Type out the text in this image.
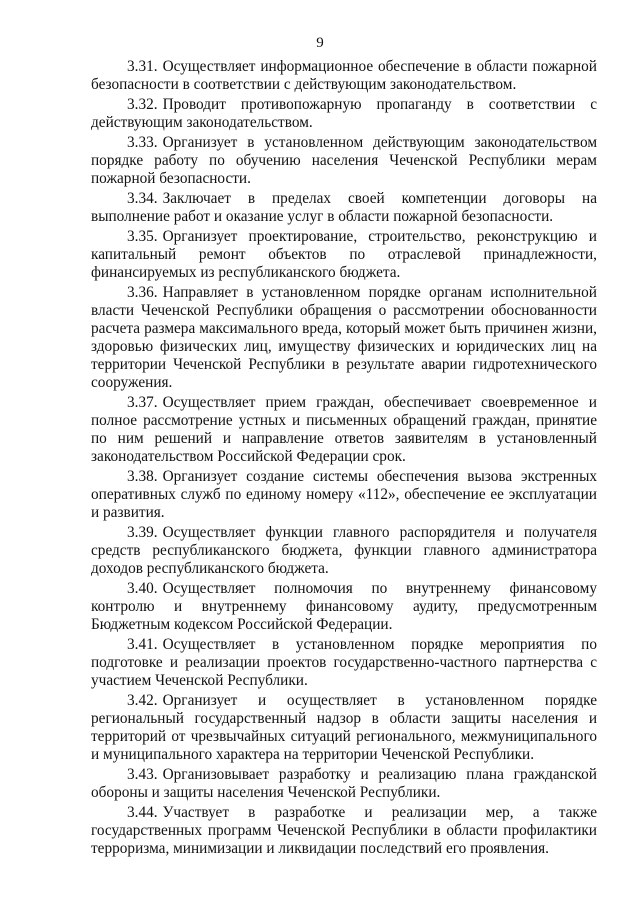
9

3.31. Осуществляет информационное обеспечение в области пожарной безопасности в соответствии с действующим законодательством.

3.32. Проводит противопожарную пропаганду в соответствии с действующим законодательством.

3.33. Организует в установленном действующим законодательством порядке работу по обучению населения Чеченской Республики мерам пожарной безопасности.

3.34. Заключает в пределах своей компетенции договоры на выполнение работ и оказание услуг в области пожарной безопасности.

3.35. Организует проектирование, строительство, реконструкцию и капитальный ремонт объектов по отраслевой принадлежности, финансируемых из республиканского бюджета.

3.36. Направляет в установленном порядке органам исполнительной власти Чеченской Республики обращения о рассмотрении обоснованности расчета размера максимального вреда, который может быть причинен жизни, здоровью физических лиц, имуществу физических и юридических лиц на территории Чеченской Республики в результате аварии гидротехнического сооружения.

3.37. Осуществляет прием граждан, обеспечивает своевременное и полное рассмотрение устных и письменных обращений граждан, принятие по ним решений и направление ответов заявителям в установленный законодательством Российской Федерации срок.

3.38. Организует создание системы обеспечения вызова экстренных оперативных служб по единому номеру «112», обеспечение ее эксплуатации и развития.

3.39. Осуществляет функции главного распорядителя и получателя средств республиканского бюджета, функции главного администратора доходов республиканского бюджета.

3.40. Осуществляет полномочия по внутреннему финансовому контролю и внутреннему финансовому аудиту, предусмотренным Бюджетным кодексом Российской Федерации.

3.41. Осуществляет в установленном порядке мероприятия по подготовке и реализации проектов государственно-частного партнерства с участием Чеченской Республики.

3.42. Организует и осуществляет в установленном порядке региональный государственный надзор в области защиты населения и территорий от чрезвычайных ситуаций регионального, межмуниципального и муниципального характера на территории Чеченской Республики.

3.43. Организовывает разработку и реализацию плана гражданской обороны и защиты населения Чеченской Республики.

3.44. Участвует в разработке и реализации мер, а также государственных программ Чеченской Республики в области профилактики терроризма, минимизации и ликвидации последствий его проявления.
